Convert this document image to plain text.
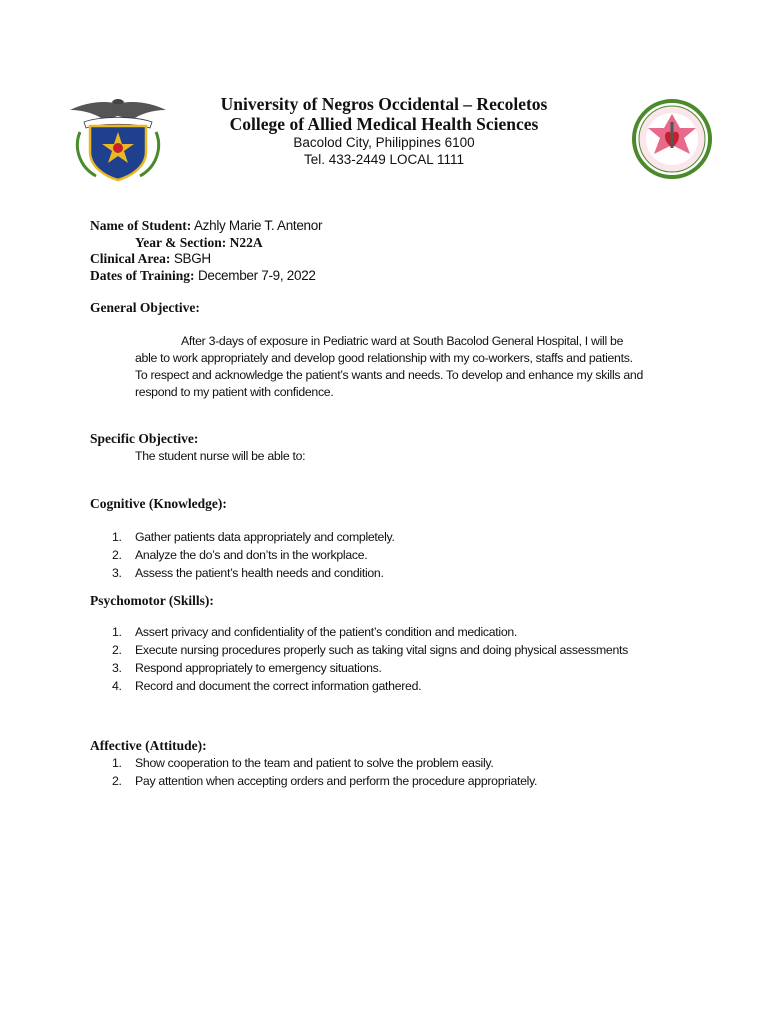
University of Negros Occidental – Recoletos
College of Allied Medical Health Sciences
Bacolod City, Philippines 6100
Tel. 433-2449 LOCAL 1111
Name of Student: Azhly Marie T. Antenor
Year & Section: N22A
Clinical Area: SBGH
Dates of Training: December 7-9, 2022
General Objective:
After 3-days of exposure in Pediatric ward at South Bacolod General Hospital, I will be
able to work appropriately and develop good relationship with my co-workers, staffs and patients.
To respect and acknowledge the patient’s wants and needs. To develop and enhance my skills and
respond to my patient with confidence.
Specific Objective:
The student nurse will be able to:
Cognitive (Knowledge):
1. Gather patients data appropriately and completely.
2. Analyze the do’s and don’ts in the workplace.
3. Assess the patient’s health needs and condition.
Psychomotor (Skills):
1. Assert privacy and confidentiality of the patient’s condition and medication.
2. Execute nursing procedures properly such as taking vital signs and doing physical assessments
3. Respond appropriately to emergency situations.
4. Record and document the correct information gathered.
Affective (Attitude):
1. Show cooperation to the team and patient to solve the problem easily.
2. Pay attention when accepting orders and perform the procedure appropriately.
